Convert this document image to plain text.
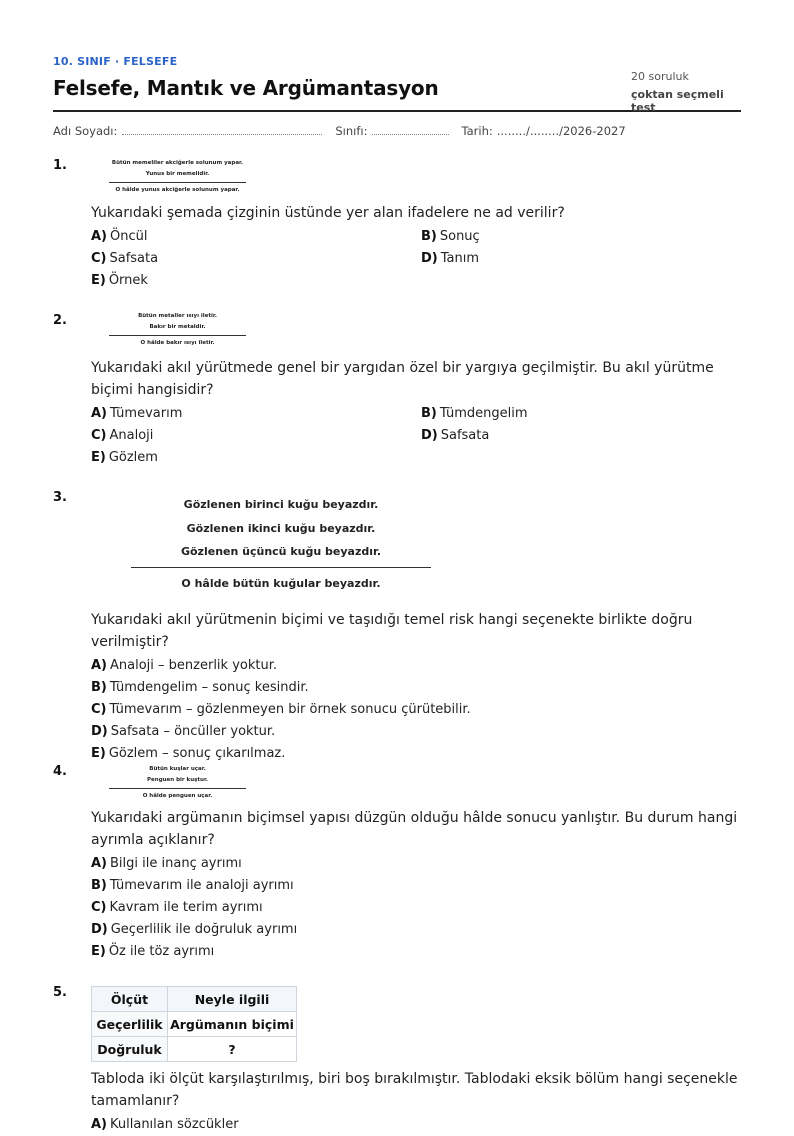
10. SINIF · FELSEFE
Felsefe, Mantık ve Argümantasyon	20 soruluk
çoktan seçmeli test
Adı Soyadı:	Sınıfı:	Tarih: ......../......../2026-2027
1.	Bütün memeliler akciğerle solunum yapar.
Yunus bir memelidir.
O hâlde yunus akciğerle solunum yapar.
Yukarıdaki şemada çizginin üstünde yer alan ifadelere ne ad verilir?
A) Öncül	B) Sonuç
C) Safsata	D) Tanım
E) Örnek
2.	Bütün metaller ısıyı iletir.
Bakır bir metaldir.
O hâlde bakır ısıyı iletir.
Yukarıdaki akıl yürütmede genel bir yargıdan özel bir yargıya geçilmiştir. Bu akıl yürütme biçimi hangisidir?
A) Tümevarım	B) Tümdengelim
C) Analoji	D) Safsata
E) Gözlem
3.	Gözlenen birinci kuğu beyazdır.
Gözlenen ikinci kuğu beyazdır.
Gözlenen üçüncü kuğu beyazdır.
O hâlde bütün kuğular beyazdır.
Yukarıdaki akıl yürütmenin biçimi ve taşıdığı temel risk hangi seçenekte birlikte doğru verilmiştir?
A) Analoji – benzerlik yoktur.
B) Tümdengelim – sonuç kesindir.
C) Tümevarım – gözlenmeyen bir örnek sonucu çürütebilir.
D) Safsata – öncüller yoktur.
E) Gözlem – sonuç çıkarılmaz.
4.	Bütün kuşlar uçar.
Penguen bir kuştur.
O hâlde penguen uçar.
Yukarıdaki argümanın biçimsel yapısı düzgün olduğu hâlde sonucu yanlıştır. Bu durum hangi ayrımla açıklanır?
A) Bilgi ile inanç ayrımı
B) Tümevarım ile analoji ayrımı
C) Kavram ile terim ayrımı
D) Geçerlilik ile doğruluk ayrımı
E) Öz ile töz ayrımı
5.	Ölçüt	Neyle ilgili
Geçerlilik	Argümanın biçimi
Doğruluk	?
Tabloda iki ölçüt karşılaştırılmış, biri boş bırakılmıştır. Tablodaki eksik bölüm hangi seçenekle tamamlanır?
A) Kullanılan sözcükler
